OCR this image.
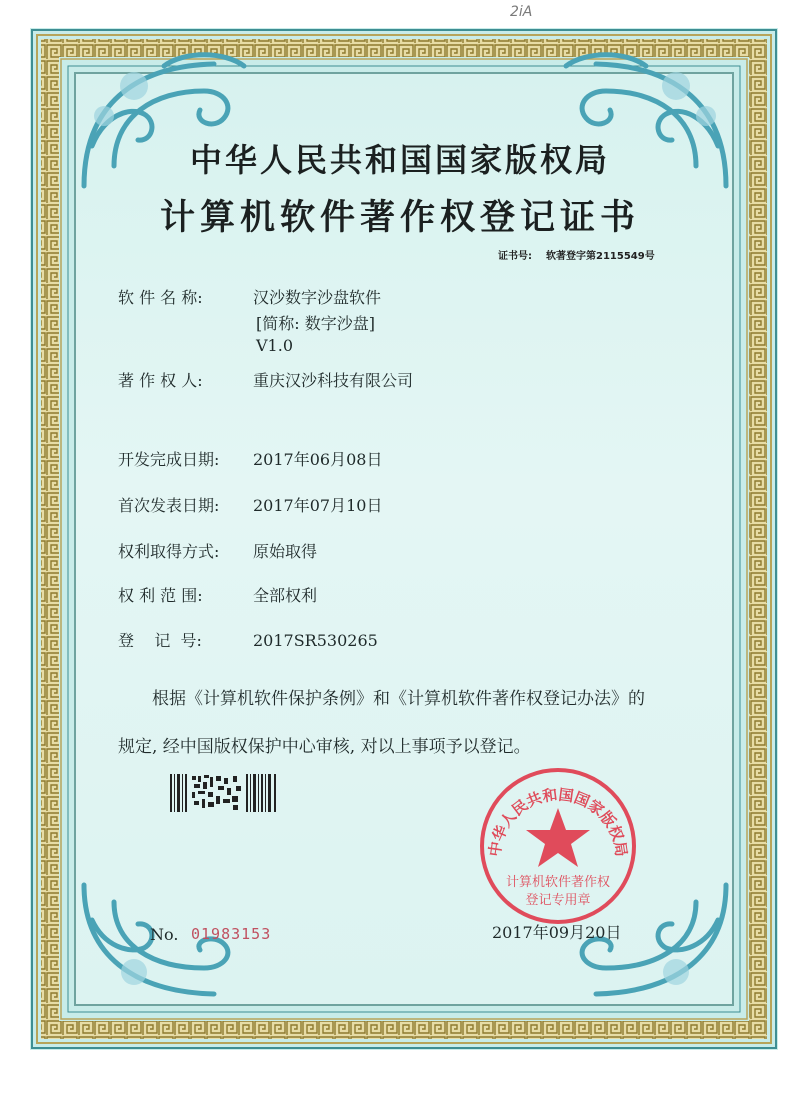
2iA
中华人民共和国国家版权局
计算机软件著作权登记证书
证书号: 软著登字第2115549号
软 件 名 称:	汉沙数字沙盘软件
[简称: 数字沙盘]
V1.0
著 作 权 人:	重庆汉沙科技有限公司
开发完成日期: 2017年06月08日
首次发表日期: 2017年07月10日
权利取得方式: 原始取得
权 利 范 围:	全部权利
登    记  号:	2017SR530265
根据《计算机软件保护条例》和《计算机软件著作权登记办法》的
规定, 经中国版权保护中心审核, 对以上事项予以登记。
中华人民共和国国家版权局
计算机软件著作权
登记专用章
No. 01983153	2017年09月20日
